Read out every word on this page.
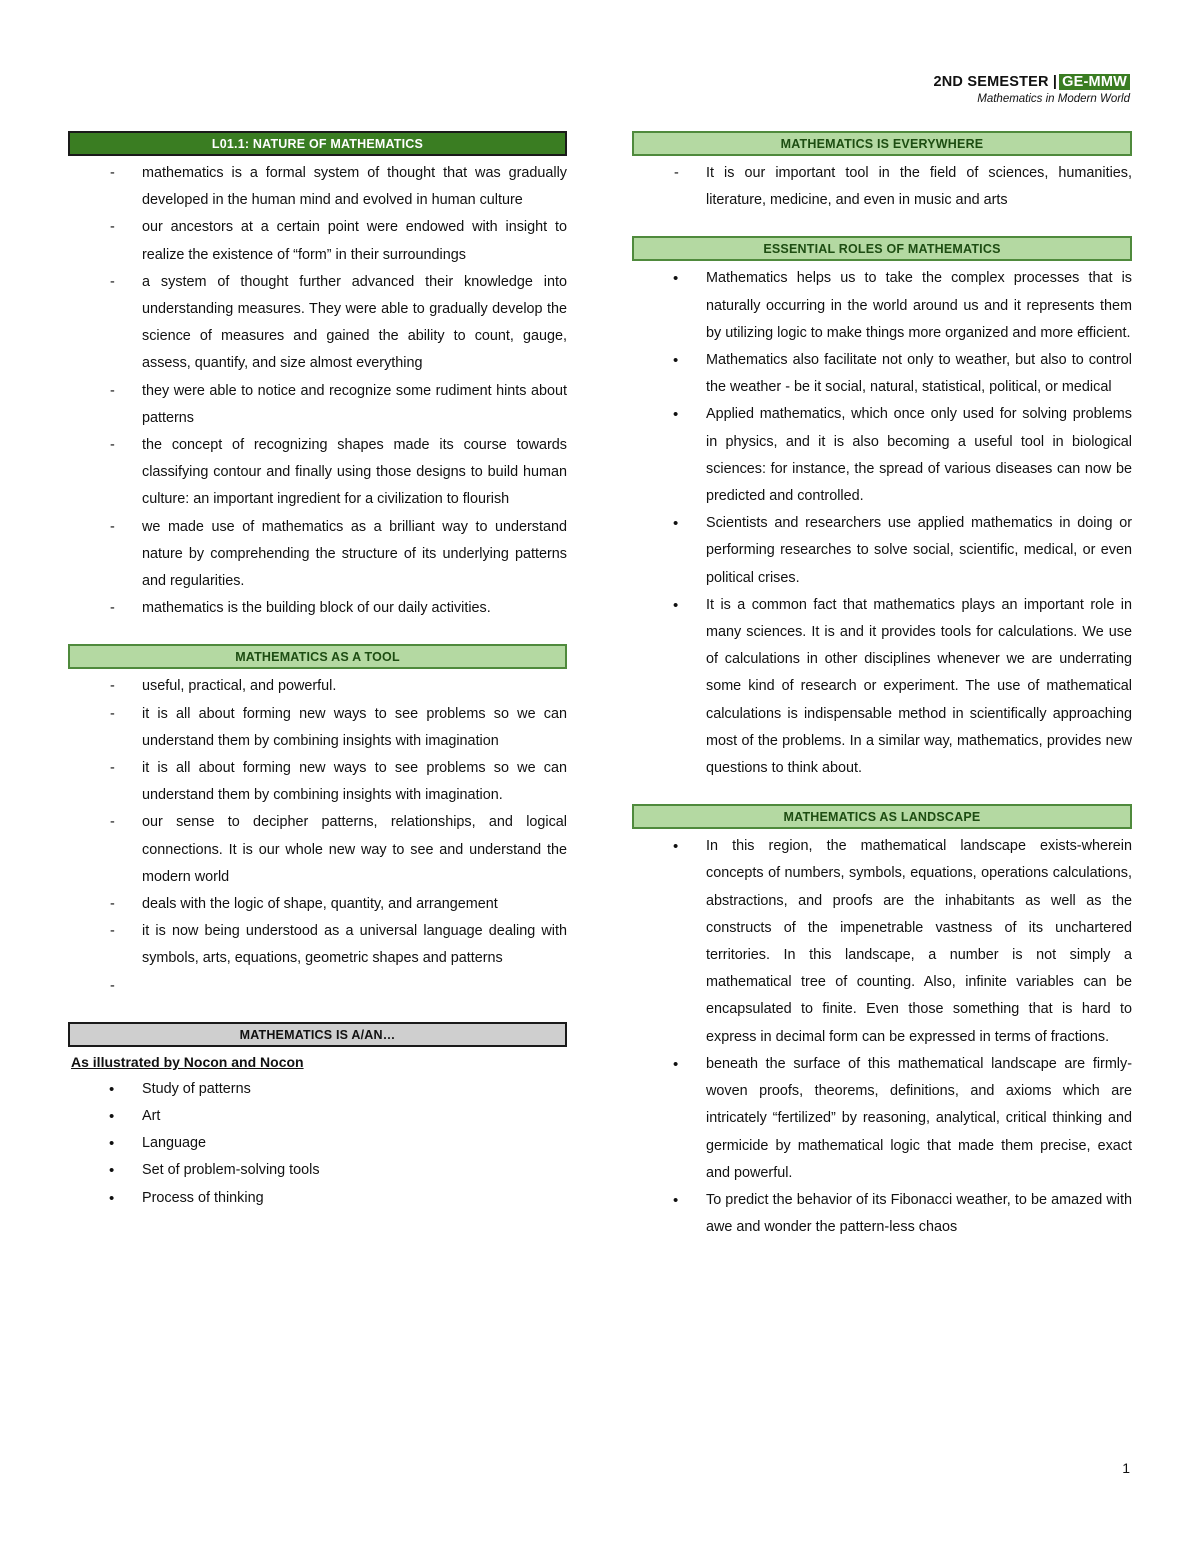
2ND SEMESTER | GE-MMW
Mathematics in Modern World
L01.1: NATURE OF MATHEMATICS
- mathematics is a formal system of thought that was gradually developed in the human mind and evolved in human culture
- our ancestors at a certain point were endowed with insight to realize the existence of “form” in their surroundings
- a system of thought further advanced their knowledge into understanding measures. They were able to gradually develop the science of measures and gained the ability to count, gauge, assess, quantify, and size almost everything
- they were able to notice and recognize some rudiment hints about patterns
- the concept of recognizing shapes made its course towards classifying contour and finally using those designs to build human culture: an important ingredient for a civilization to flourish
- we made use of mathematics as a brilliant way to understand nature by comprehending the structure of its underlying patterns and regularities.
- mathematics is the building block of our daily activities.
MATHEMATICS AS A TOOL
- useful, practical, and powerful.
- it is all about forming new ways to see problems so we can understand them by combining insights with imagination
- it is all about forming new ways to see problems so we can understand them by combining insights with imagination.
- our sense to decipher patterns, relationships, and logical connections. It is our whole new way to see and understand the modern world
- deals with the logic of shape, quantity, and arrangement
- it is now being understood as a universal language dealing with symbols, arts, equations, geometric shapes and patterns
-
MATHEMATICS IS A/AN…
As illustrated by Nocon and Nocon
• Study of patterns
• Art
• Language
• Set of problem-solving tools
• Process of thinking
MATHEMATICS IS EVERYWHERE
- It is our important tool in the field of sciences, humanities, literature, medicine, and even in music and arts
ESSENTIAL ROLES OF MATHEMATICS
• Mathematics helps us to take the complex processes that is naturally occurring in the world around us and it represents them by utilizing logic to make things more organized and more efficient.
• Mathematics also facilitate not only to weather, but also to control the weather - be it social, natural, statistical, political, or medical
• Applied mathematics, which once only used for solving problems in physics, and it is also becoming a useful tool in biological sciences: for instance, the spread of various diseases can now be predicted and controlled.
• Scientists and researchers use applied mathematics in doing or performing researches to solve social, scientific, medical, or even political crises.
• It is a common fact that mathematics plays an important role in many sciences. It is and it provides tools for calculations. We use of calculations in other disciplines whenever we are underrating some kind of research or experiment. The use of mathematical calculations is indispensable method in scientifically approaching most of the problems. In a similar way, mathematics, provides new questions to think about.
MATHEMATICS AS LANDSCAPE
• In this region, the mathematical landscape exists-wherein concepts of numbers, symbols, equations, operations calculations, abstractions, and proofs are the inhabitants as well as the constructs of the impenetrable vastness of its unchartered territories. In this landscape, a number is not simply a mathematical tree of counting. Also, infinite variables can be encapsulated to finite. Even those something that is hard to express in decimal form can be expressed in terms of fractions.
• beneath the surface of this mathematical landscape are firmly-woven proofs, theorems, definitions, and axioms which are intricately “fertilized” by reasoning, analytical, critical thinking and germicide by mathematical logic that made them precise, exact and powerful.
• To predict the behavior of its Fibonacci weather, to be amazed with awe and wonder the pattern-less chaos
1
